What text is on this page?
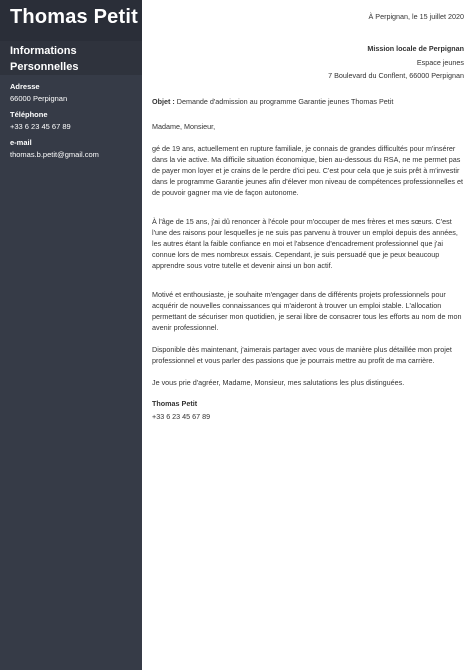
Thomas Petit
Informations Personnelles
Adresse
66000 Perpignan
Téléphone
+33 6 23 45 67 89
e-mail
thomas.b.petit@gmail.com
À Perpignan, le 15 juillet 2020
Mission locale de Perpignan
Espace jeunes
7 Boulevard du Conflent, 66000 Perpignan
Objet : Demande d'admission au programme Garantie jeunes Thomas Petit

Madame, Monsieur,

gé de 19 ans, actuellement en rupture familiale, je connais de grandes difficultés pour m'insérer dans la vie active. Ma difficile situation économique, bien au-dessous du RSA, ne me permet pas de payer mon loyer et je crains de le perdre d'ici peu. C'est pour cela que je suis prêt à m'investir dans le programme Garantie jeunes afin d'élever mon niveau de compétences professionnelles et de pouvoir gagner ma vie de façon autonome.

À l'âge de 15 ans, j'ai dû renoncer à l'école pour m'occuper de mes frères et mes sœurs. C'est l'une des raisons pour lesquelles je ne suis pas parvenu à trouver un emploi depuis des années, les autres étant la faible confiance en moi et l'absence d'encadrement professionnel que j'ai connue lors de mes nombreux essais. Cependant, je suis persuadé que je peux beaucoup apprendre sous votre tutelle et devenir ainsi un bon actif.

Motivé et enthousiaste, je souhaite m'engager dans de différents projets professionnels pour acquérir de nouvelles connaissances qui m'aideront à trouver un emploi stable. L'allocation permettant de sécuriser mon quotidien, je serai libre de consacrer tous les efforts au nom de mon avenir professionnel.

Disponible dès maintenant, j'aimerais partager avec vous de manière plus détaillée mon projet professionnel et vous parler des passions que je pourrais mettre au profit de ma carrière.

Je vous prie d'agréer, Madame, Monsieur, mes salutations les plus distinguées.

Thomas Petit
+33 6 23 45 67 89
